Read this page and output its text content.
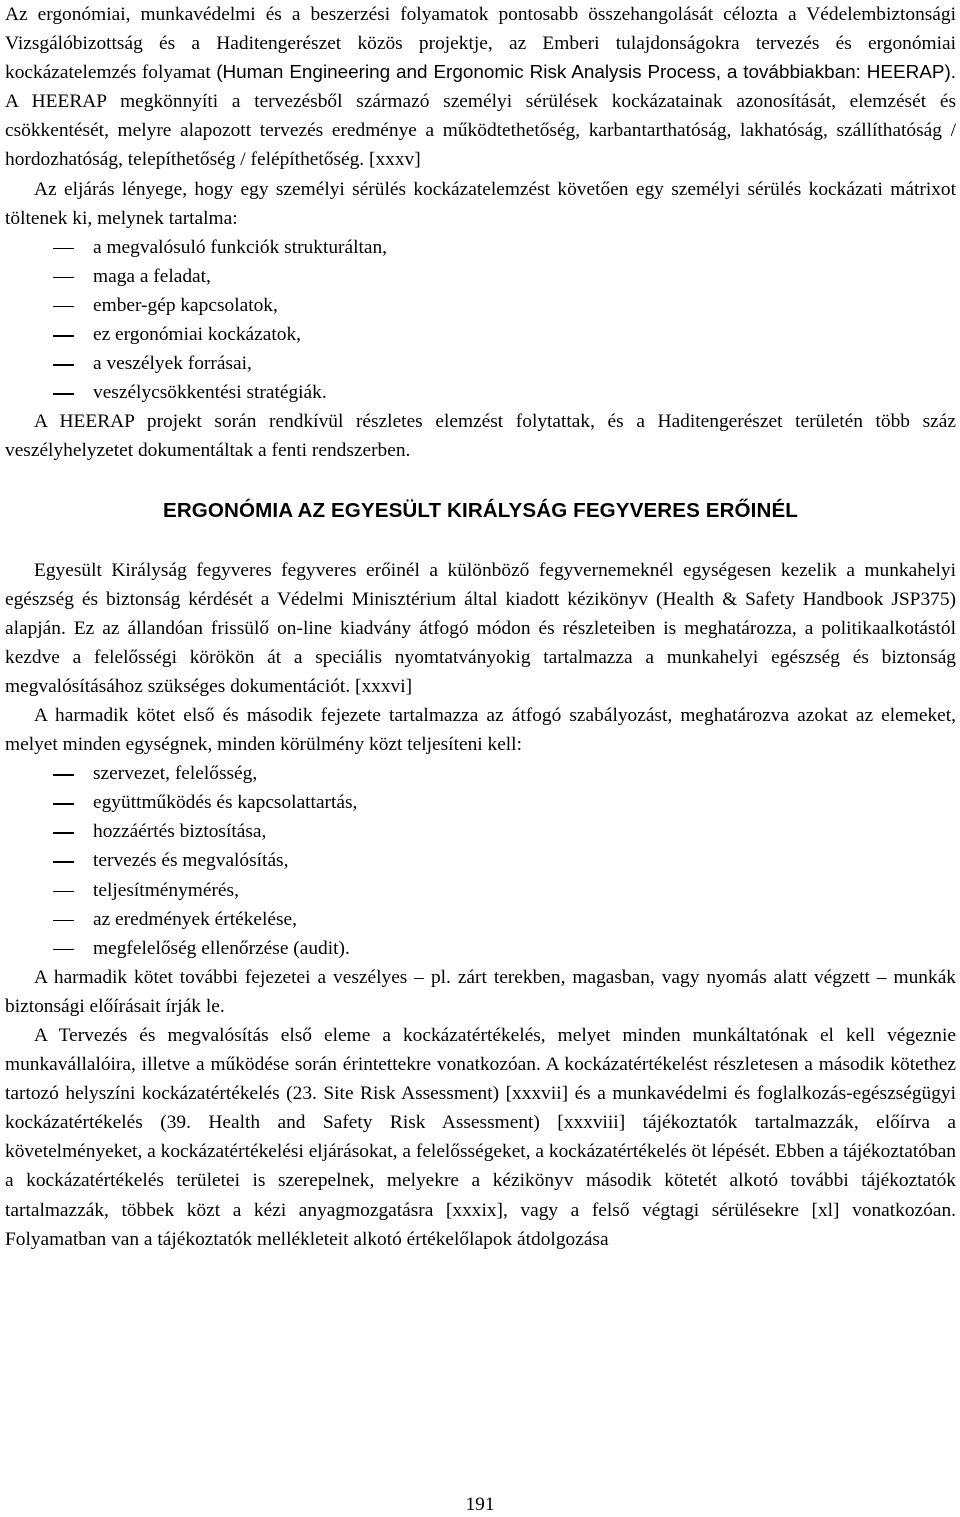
Az ergonómiai, munkavédelmi és a beszerzési folyamatok pontosabb összehangolását célozta a Védelembiztonsági Vizsgálóbizottság és a Haditengerészet közös projektje, az Emberi tulajdonságokra tervezés és ergonómiai kockázatelemzés folyamat (Human Engineering and Ergonomic Risk Analysis Process, a továbbiakban: HEERAP). A HEERAP megkönnyíti a tervezésből származó személyi sérülések kockázatainak azonosítását, elemzését és csökkentését, melyre alapozott tervezés eredménye a működtethetőség, karbantarthatóság, lakhatóság, szállíthatóság / hordozhatóság, telepíthetőség / felépíthetőség. [xxxv]

Az eljárás lényege, hogy egy személyi sérülés kockázatelemzést követően egy személyi sérülés kockázati mátrixot töltenek ki, melynek tartalma:

a megvalósuló funkciók strukturáltan,
maga a feladat,
ember-gép kapcsolatok,
ez ergonómiai kockázatok,
a veszélyek forrásai,
veszélycsökkentési stratégiák.

A HEERAP projekt során rendkívül részletes elemzést folytattak, és a Haditengerészet területén több száz veszélyhelyzetet dokumentáltak a fenti rendszerben.

ERGONÓMIA AZ EGYESÜLT KIRÁLYSÁG FEGYVERES ERŐINÉL

Egyesült Királyság fegyveres fegyveres erőinél a különböző fegyvernemeknél egységesen kezelik a munkahelyi egészség és biztonság kérdését a Védelmi Minisztérium által kiadott kézikönyv (Health & Safety Handbook JSP375) alapján. Ez az állandóan frissülő on-line kiadvány átfogó módon és részleteiben is meghatározza, a politikaalkotástól kezdve a felelősségi körökön át a speciális nyomtatványokig tartalmazza a munkahelyi egészség és biztonság megvalósításához szükséges dokumentációt. [xxxvi]

A harmadik kötet első és második fejezete tartalmazza az átfogó szabályozást, meghatározva azokat az elemeket, melyet minden egységnek, minden körülmény közt teljesíteni kell:

szervezet, felelősség,
együttműködés és kapcsolattartás,
hozzáértés biztosítása,
tervezés és megvalósítás,
teljesítménymérés,
az eredmények értékelése,
megfelelőség ellenőrzése (audit).

A harmadik kötet további fejezetei a veszélyes – pl. zárt terekben, magasban, vagy nyomás alatt végzett – munkák biztonsági előírásait írják le.

A Tervezés és megvalósítás első eleme a kockázatértékelés, melyet minden munkáltatónak el kell végeznie munkavállalóira, illetve a működése során érintettekre vonatkozóan. A kockázatértékelést részletesen a második kötethez tartozó helyszíni kockázatértékelés (23. Site Risk Assessment) [xxxvii] és a munkavédelmi és foglalkozás-egészségügyi kockázatértékelés (39. Health and Safety Risk Assessment) [xxxviii] tájékoztatók tartalmazzák, előírva a követelményeket, a kockázatértékelési eljárásokat, a felelősségeket, a kockázatértékelés öt lépését. Ebben a tájékoztatóban a kockázatértékelés területei is szerepelnek, melyekre a kézikönyv második kötetét alkotó további tájékoztatók tartalmazzák, többek közt a kézi anyagmozgatásra [xxxix], vagy a felső végtagi sérülésekre [xl] vonatkozóan. Folyamatban van a tájékoztatók mellékleteit alkotó értékelőlapok átdolgozása

191
